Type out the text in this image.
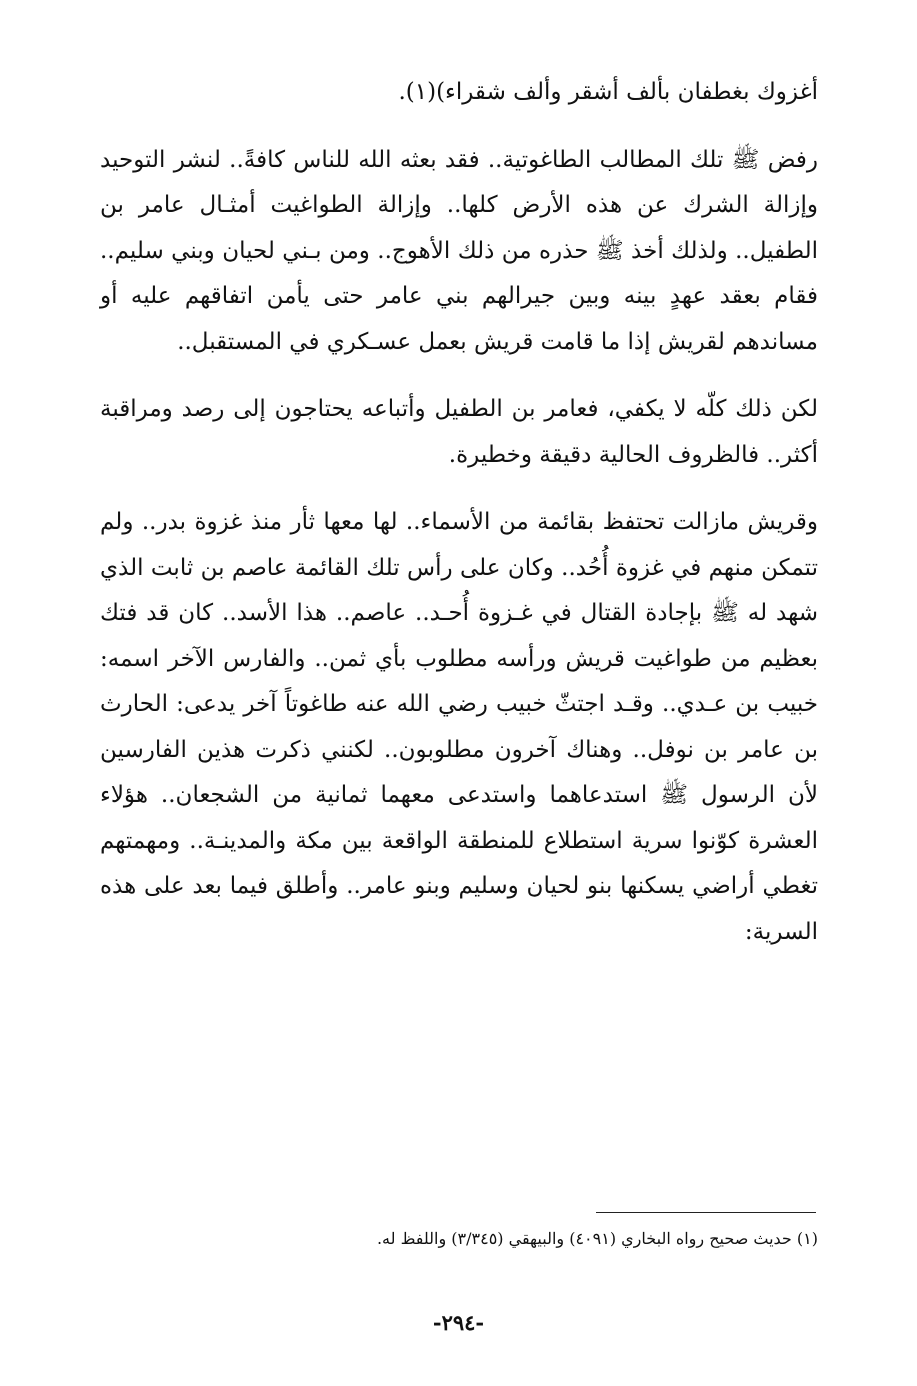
أغزوك بغطفان بألف أشقر وألف شقراء)(١).

رفض ﷺ تلك المطالب الطاغوتية.. فقد بعثه الله للناس كافةً.. لنشر التوحيد وإزالة الشرك عن هذه الأرض كلها.. وإزالة الطواغيت أمثـال عامر بن الطفيل.. ولذلك أخذ ﷺ حذره من ذلك الأهوج.. ومن بـني لحيان وبني سليم.. فقام بعقد عهدٍ بينه وبين جيرالهم بني عامر حتى يأمن اتفاقهم عليه أو مساندهم لقريش إذا ما قامت قريش بعمل عسـكري في المستقبل..

لكن ذلك كلّه لا يكفي، فعامر بن الطفيل وأتباعه يحتاجون إلى رصد ومراقبة أكثر.. فالظروف الحالية دقيقة وخطيرة.

وقريش مازالت تحتفظ بقائمة من الأسماء.. لها معها ثأر منذ غزوة بدر.. ولم تتمكن منهم في غزوة أُحُد.. وكان على رأس تلك القائمة عاصم بن ثابت الذي شهد له ﷺ بإجادة القتال في غـزوة أُحـد.. عاصم.. هذا الأسد.. كان قد فتك بعظيم من طواغيت قريش ورأسه مطلوب بأي ثمن.. والفارس الآخر اسمه: خبيب بن عـدي.. وقـد اجتثّ خبيب رضي الله عنه طاغوتاً آخر يدعى: الحارث بن عامر بن نوفل.. وهناك آخرون مطلوبون.. لكنني ذكرت هذين الفارسين لأن الرسول ﷺ استدعاهما واستدعى معهما ثمانية من الشجعان.. هؤلاء العشرة كوّنوا سرية استطلاع للمنطقة الواقعة بين مكة والمدينـة.. ومهمتهم تغطي أراضي يسكنها بنو لحيان وسليم وبنو عامر.. وأطلق فيما بعد على هذه السرية:

(١) حديث صحيح رواه البخاري (٤٠٩١) والبيهقي (٣/٣٤٥) واللفظ له.
-٢٩٤-
